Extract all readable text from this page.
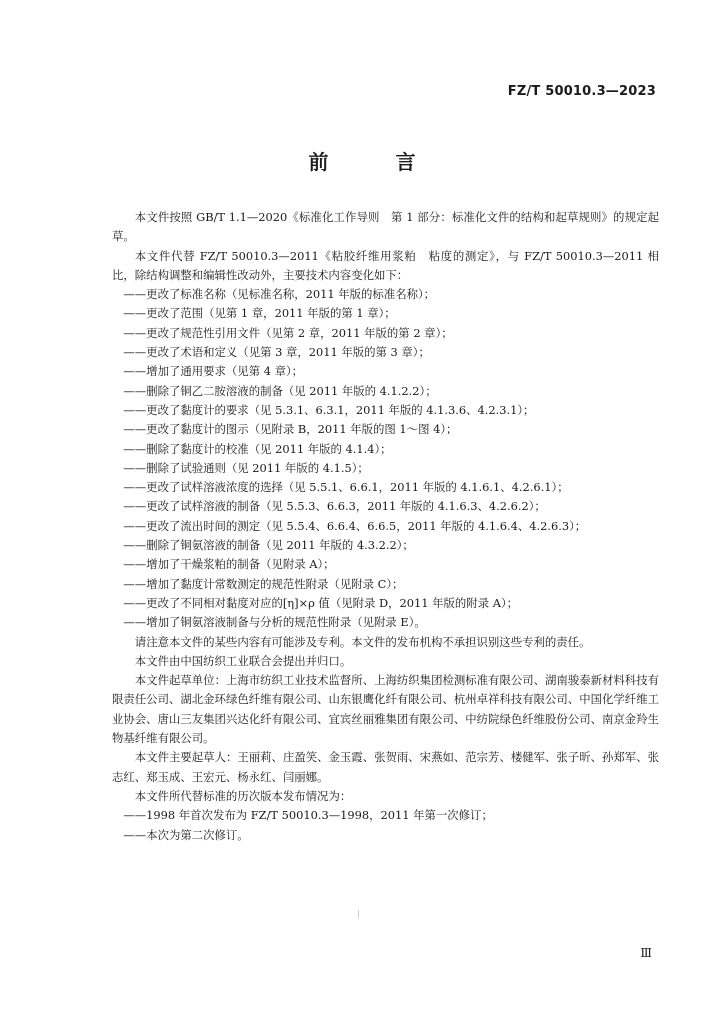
FZ/T 50010.3—2023
前 言

本文件按照 GB/T 1.1—2020《标准化工作导则　第 1 部分：标准化文件的结构和起草规则》的规定起草。

本文件代替 FZ/T 50010.3—2011《粘胶纤维用浆粕　粘度的测定》，与 FZ/T 50010.3—2011 相比，除结构调整和编辑性改动外，主要技术内容变化如下：

——更改了标准名称（见标准名称，2011 年版的标准名称）；

——更改了范围（见第 1 章，2011 年版的第 1 章）；

——更改了规范性引用文件（见第 2 章，2011 年版的第 2 章）；

——更改了术语和定义（见第 3 章，2011 年版的第 3 章）；

——增加了通用要求（见第 4 章）；

——删除了铜乙二胺溶液的制备（见 2011 年版的 4.1.2.2）；

——更改了黏度计的要求（见 5.3.1、6.3.1，2011 年版的 4.1.3.6、4.2.3.1）；

——更改了黏度计的图示（见附录 B，2011 年版的图 1～图 4）；

——删除了黏度计的校准（见 2011 年版的 4.1.4）；

——删除了试验通则（见 2011 年版的 4.1.5）；

——更改了试样溶液浓度的选择（见 5.5.1、6.6.1，2011 年版的 4.1.6.1、4.2.6.1）；

——更改了试样溶液的制备（见 5.5.3、6.6.3，2011 年版的 4.1.6.3、4.2.6.2）；

——更改了流出时间的测定（见 5.5.4、6.6.4、6.6.5，2011 年版的 4.1.6.4、4.2.6.3）；

——删除了铜氨溶液的制备（见 2011 年版的 4.3.2.2）；

——增加了干燥浆粕的制备（见附录 A）；

——增加了黏度计常数测定的规范性附录（见附录 C）；

——更改了不同相对黏度对应的[η]×ρ 值（见附录 D，2011 年版的附录 A）；

——增加了铜氨溶液制备与分析的规范性附录（见附录 E）。

请注意本文件的某些内容有可能涉及专利。本文件的发布机构不承担识别这些专利的责任。

本文件由中国纺织工业联合会提出并归口。

本文件起草单位：上海市纺织工业技术监督所、上海纺织集团检测标准有限公司、湖南骏泰新材料科技有限责任公司、湖北金环绿色纤维有限公司、山东银鹰化纤有限公司、杭州卓祥科技有限公司、中国化学纤维工业协会、唐山三友集团兴达化纤有限公司、宜宾丝丽雅集团有限公司、中纺院绿色纤维股份公司、南京金羚生物基纤维有限公司。

本文件主要起草人：王丽莉、庄盈笑、金玉霞、张贺雨、宋燕如、范宗芳、楼健军、张子昕、孙郑军、张志红、郑玉成、王宏元、杨永红、闫丽娜。

本文件所代替标准的历次版本发布情况为：

——1998 年首次发布为 FZ/T 50010.3—1998，2011 年第一次修订；

——本次为第二次修订。

Ⅲ
